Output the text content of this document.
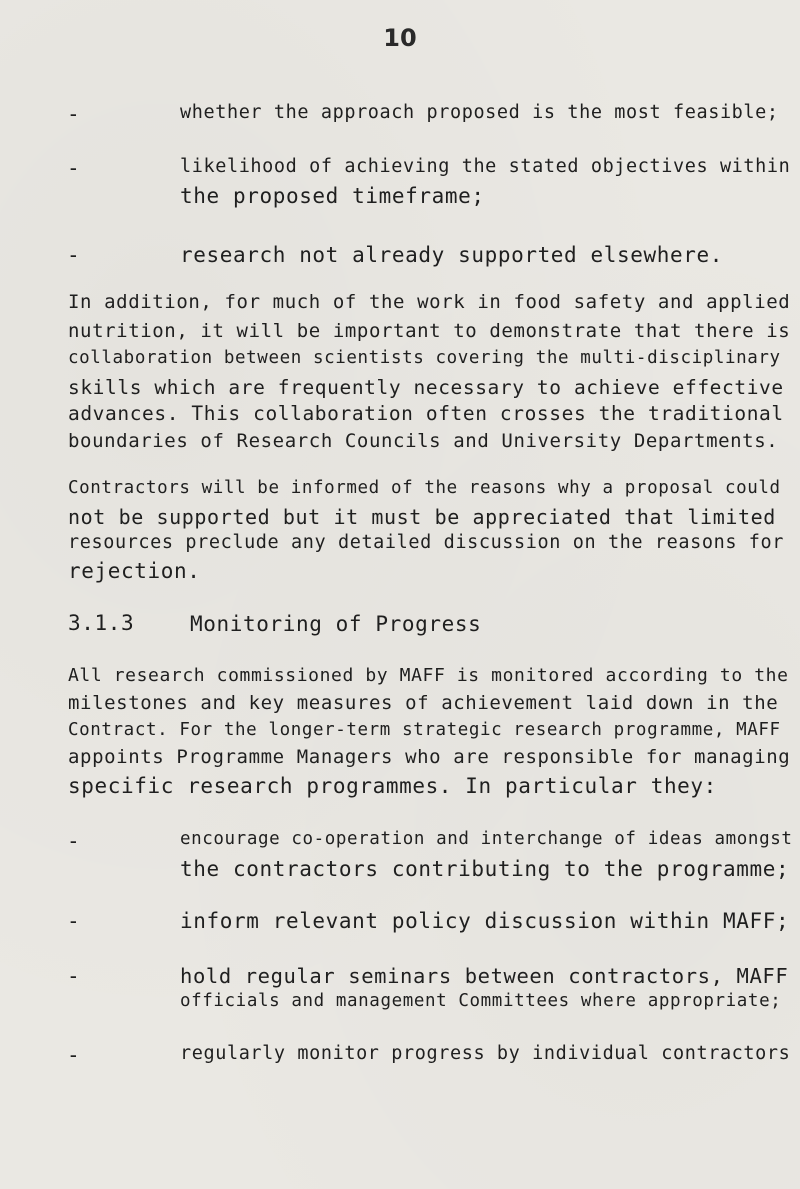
10
-	whether the approach proposed is the most feasible;
-	likelihood of achieving the stated objectives within
the proposed timeframe;
-	research not already supported elsewhere.
In addition, for much of the work in food safety and applied
nutrition, it will be important to demonstrate that there is
collaboration between scientists covering the multi-disciplinary
skills which are frequently necessary to achieve effective
advances. This collaboration often crosses the traditional
boundaries of Research Councils and University Departments.
Contractors will be informed of the reasons why a proposal could
not be supported but it must be appreciated that limited
resources preclude any detailed discussion on the reasons for
rejection.
3.1.3	Monitoring of Progress
All research commissioned by MAFF is monitored according to the
milestones and key measures of achievement laid down in the
Contract. For the longer-term strategic research programme, MAFF
appoints Programme Managers who are responsible for managing
specific research programmes. In particular they:
-	encourage co-operation and interchange of ideas amongst
the contractors contributing to the programme;
-	inform relevant policy discussion within MAFF;
-	hold regular seminars between contractors, MAFF
officials and management Committees where appropriate;
-	regularly monitor progress by individual contractors
